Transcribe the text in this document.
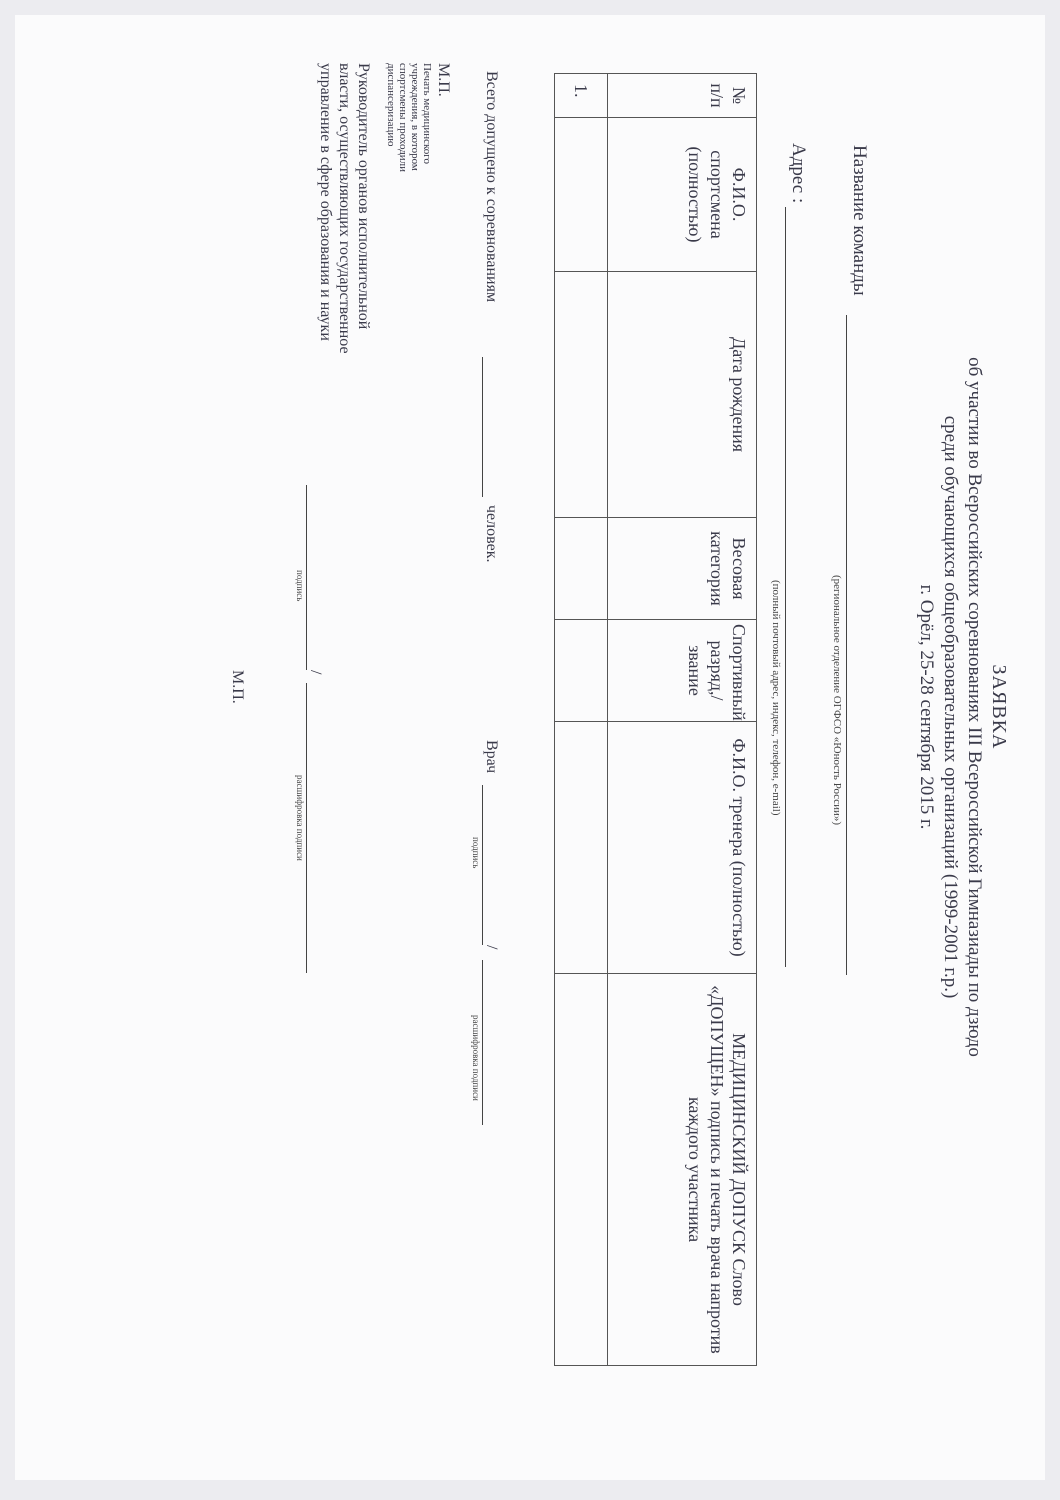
ЗАЯВКА
об участии во Всероссийских соревнованиях III Всероссийской Гимназиады по дзюдо
среди обучающихся общеобразовательных организаций (1999-2001 г.р.)
г. Орёл, 25-28 сентября 2015 г.
Название команды
(региональное отделение ОГФСО «Юность России»)
Адрес :
(полный почтовый адрес, индекс, телефон, e-mail)
№ п/п	Ф.И.О. спортсмена (полностью)	Дата рождения	Весовая категория	Спортивный разряд,/звание	Ф.И.О. тренера (полностью)	МЕДИЦИНСКИЙ ДОПУСК Слово «ДОПУЩЕН» подпись и печать врача напротив каждого участника
1.						
Всего допущено к соревнованиям
человек.
Врач
/
подпись
расшифровка подписи
М.П.
Печать медицинского учреждения, в котором спортсмены проходили диспансеризацию
Руководитель органов исполнительной власти, осуществляющих государственное управление в сфере образования и науки
/
подпись
расшифровка подписи
М.П.
